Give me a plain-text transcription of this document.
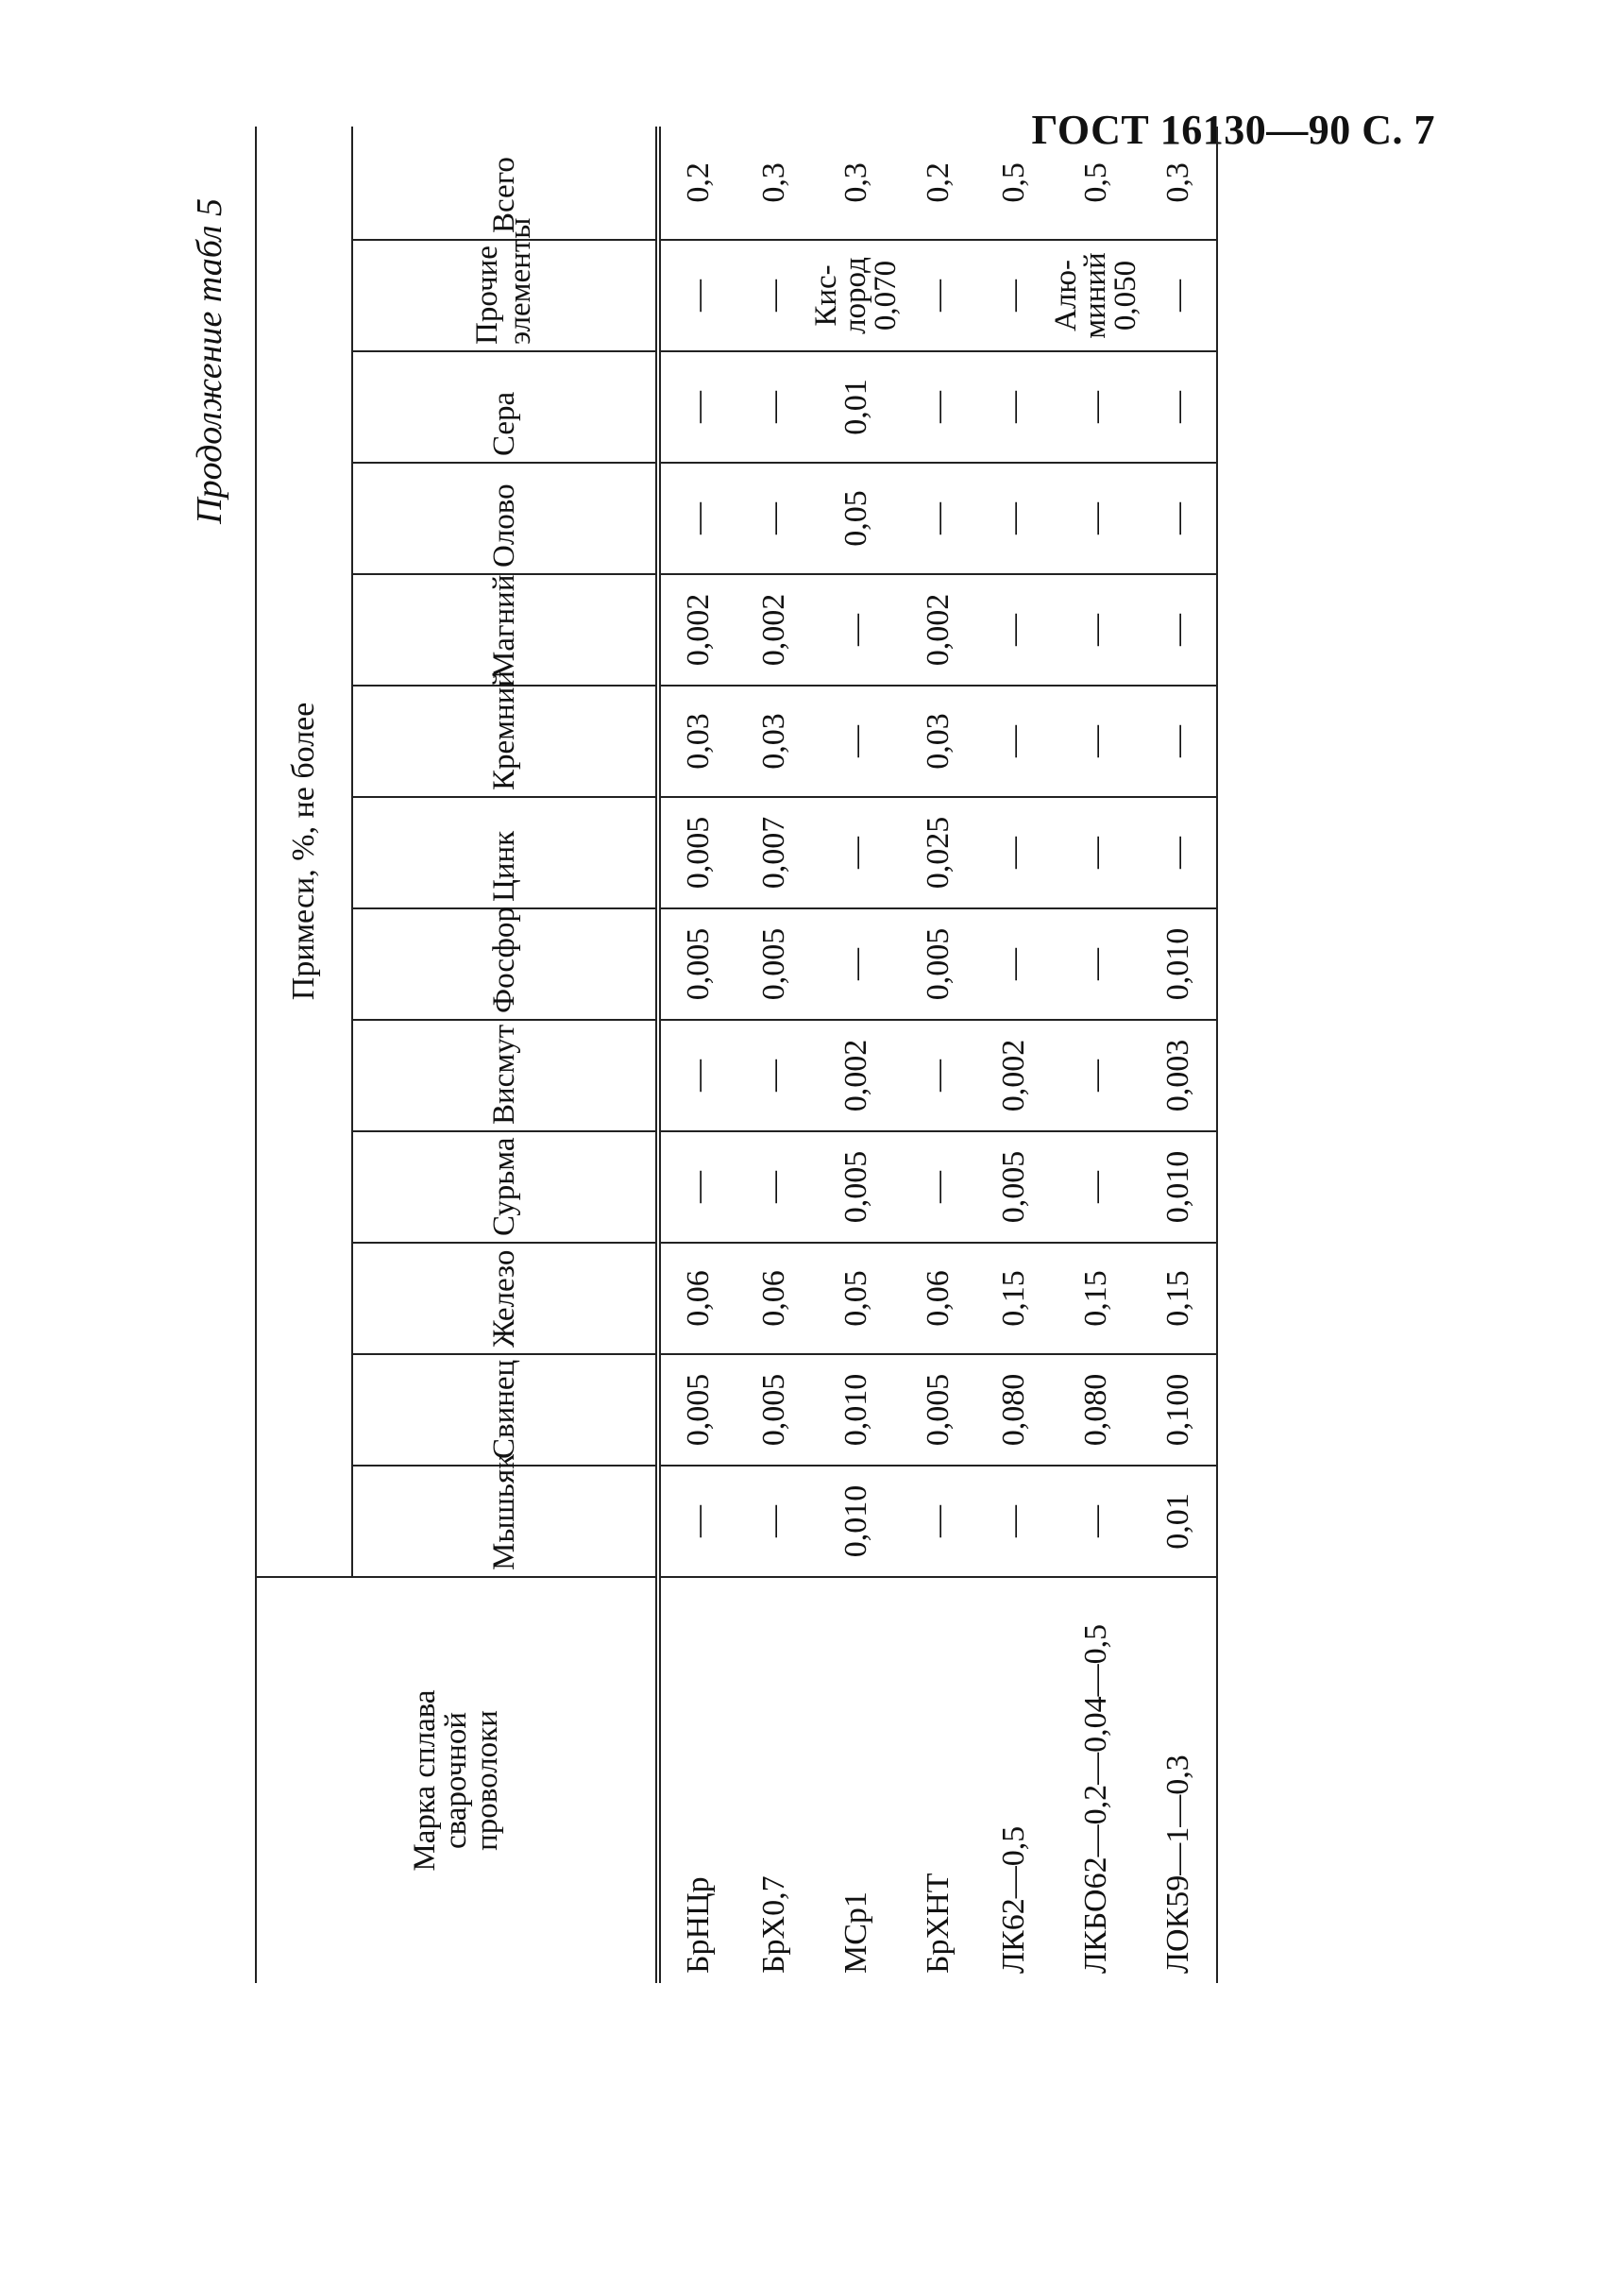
ГОСТ 16130—90 С. 7
Продолжение табл 5
Марка сплава
сварочной
проволоки	Примеси, %, не более												
	Мышьяк	Свинец	Железо	Сурьма	Висмут	Фосфор	Цинк	Кремний	Магний	Олово	Сера	Прочие элементы	Всего
БрНЦр	—	0,005	0,06	—	—	0,005	0,005	0,03	0,002	—	—	—	0,2
БрХ0,7	—	0,005	0,06	—	—	0,005	0,007	0,03	0,002	—	—	—	0,3
МСр1	0,010	0,010	0,05	0,005	0,002	—	—	—	—	0,05	0,01	Кис-лород 0,070	0,3
БрХНТ	—	0,005	0,06	—	—	0,005	0,025	0,03	0,002	—	—	—	0,2
ЛК62—0,5	—	0,080	0,15	0,005	0,002	—	—	—	—	—	—	—	0,5
ЛКБО62—0,2—0,04—0,5	—	0,080	0,15	—	—	—	—	—	—	—	—	Алю-миний 0,050	0,5
ЛОК59—1—0,3	0,01	0,100	0,15	0,010	0,003	0,010	—	—	—	—	—	—	0,3
